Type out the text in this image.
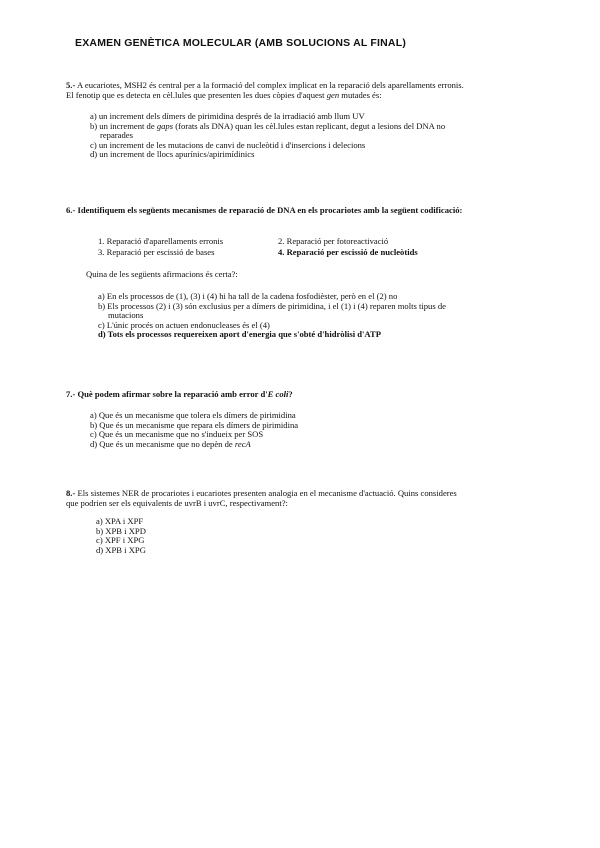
EXAMEN GENÈTICA MOLECULAR (AMB SOLUCIONS AL FINAL)

5.- A eucariotes, MSH2 és central per a la formació del complex implicat en la reparació dels aparellaments erronis. El fenotip que es detecta en cèl.lules que presenten les dues còpies d'aquest gen mutades és:

a) un increment dels dímers de pirimidina després de la irradiació amb llum UV
b) un increment de gaps (forats als DNA) quan les cèl.lules estan replicant, degut a lesions del DNA no reparades
c) un increment de les mutacions de canvi de nucleòtid i d'insercions i delecions
d) un increment de llocs apurínics/apirimídinics

6.- Identifiquem els següents mecanismes de reparació de DNA en els procariotes amb la següent codificació:

1. Reparació d'aparellaments erronis	2. Reparació per fotoreactivació
3. Reparació per escissió de bases	4. Reparació per escissió de nucleòtids
Quina de les següents afirmacions és certa?:
a) En els processos de (1), (3) i (4) hi ha tall de la cadena fosfodièster, però en el (2) no
b) Els processos (2) i (3) són exclusius per a dímers de pirimidina, i el (1) i (4) reparen molts tipus de mutacions
c) L'únic procés on actuen endonucleases és el (4)
d) Tots els processos requereixen aport d'energia que s'obté d'hidròlisi d'ATP

7.- Què podem afirmar sobre la reparació amb error d'E coli?

a) Que és un mecanisme que tolera els dímers de pirimidina
b) Que és un mecanisme que repara els dímers de pirimidina
c) Que és un mecanisme que no s'indueix per SOS
d) Que és un mecanisme que no depèn de recA

8.- Els sistemes NER de procariotes i eucariotes presenten analogia en el mecanisme d'actuació. Quins consideres que podrien ser els equivalents de uvrB i uvrC, respectivament?:

a) XPA i XPF
b) XPB i XPD
c) XPF i XPG
d) XPB i XPG
